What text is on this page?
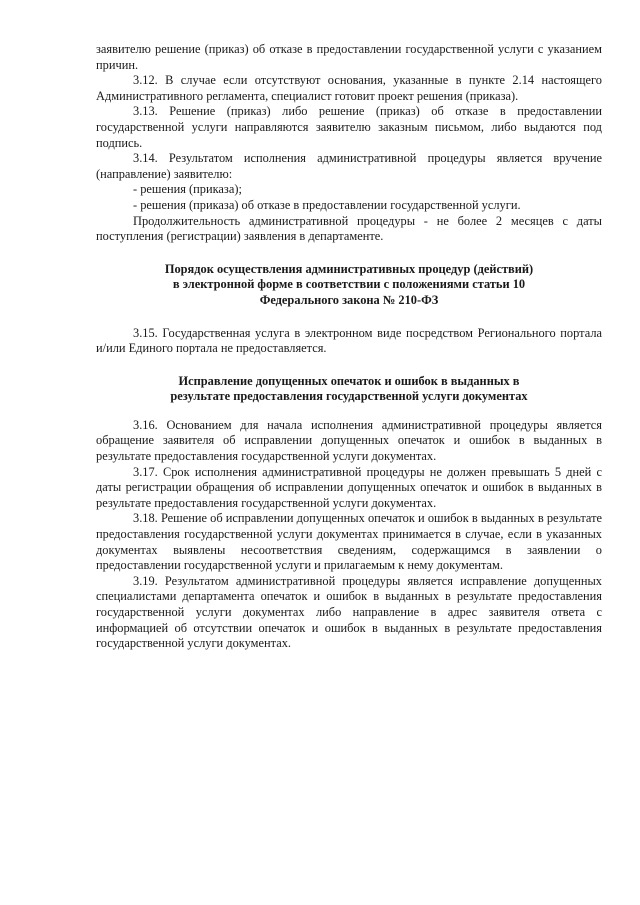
заявителю решение (приказ) об отказе в предоставлении государственной услуги с указанием причин.

3.12. В случае если отсутствуют основания, указанные в пункте 2.14 настоящего Административного регламента, специалист готовит проект решения (приказа).

3.13. Решение (приказ) либо решение (приказ) об отказе в предоставлении государственной услуги направляются заявителю заказным письмом, либо выдаются под подпись.

3.14. Результатом исполнения административной процедуры является вручение (направление) заявителю:

- решения (приказа);

- решения (приказа) об отказе в предоставлении государственной услуги.

Продолжительность административной процедуры - не более 2 месяцев с даты поступления (регистрации) заявления в департаменте.

Порядок осуществления административных процедур (действий)
в электронной форме в соответствии с положениями статьи 10
Федерального закона № 210-ФЗ

3.15. Государственная услуга в электронном виде посредством Регионального портала и/или Единого портала не предоставляется.

Исправление допущенных опечаток и ошибок в выданных в
результате предоставления государственной услуги документах

3.16. Основанием для начала исполнения административной процедуры является обращение заявителя об исправлении допущенных опечаток и ошибок в выданных в результате предоставления государственной услуги документах.

3.17. Срок исполнения административной процедуры не должен превышать 5 дней с даты регистрации обращения об исправлении допущенных опечаток и ошибок в выданных в результате предоставления государственной услуги документах.

3.18. Решение об исправлении допущенных опечаток и ошибок в выданных в результате предоставления государственной услуги документах принимается в случае, если в указанных документах выявлены несоответствия сведениям, содержащимся в заявлении о предоставлении государственной услуги и прилагаемым к нему документам.

3.19. Результатом административной процедуры является исправление допущенных специалистами департамента опечаток и ошибок в выданных в результате предоставления государственной услуги документах либо направление в адрес заявителя ответа с информацией об отсутствии опечаток и ошибок в выданных в результате предоставления государственной услуги документах.
